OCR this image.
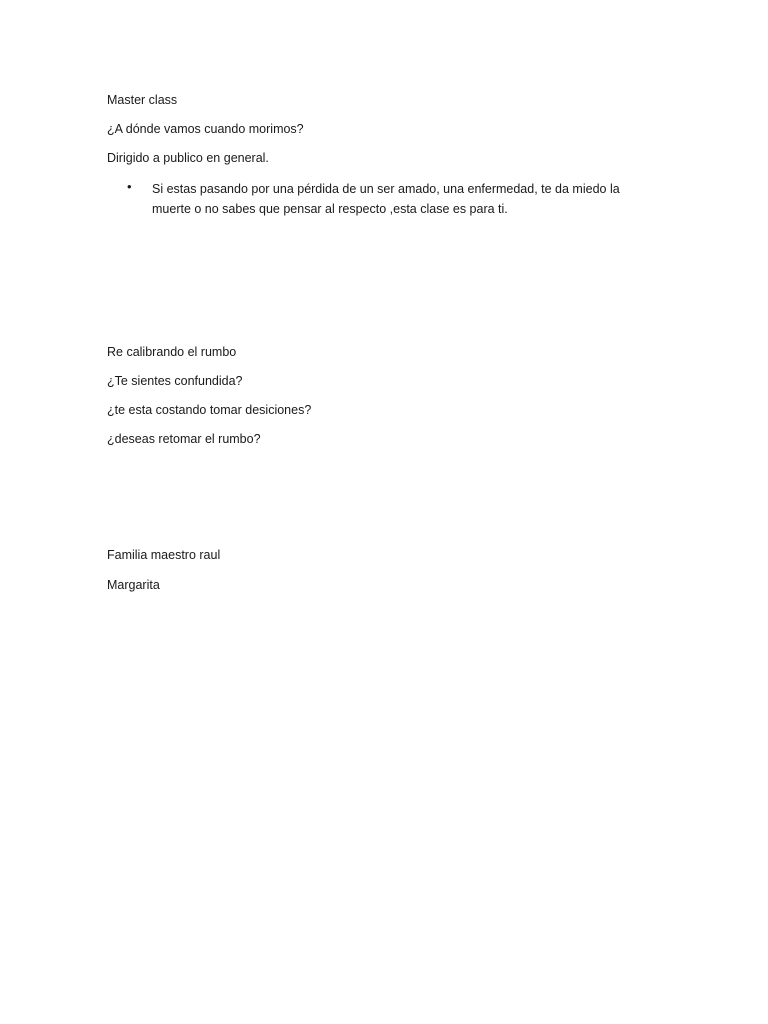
Master class
¿A dónde vamos cuando morimos?
Dirigido a publico en general.
• Si estas pasando por una pérdida de un ser amado, una enfermedad, te da miedo la muerte o no sabes que pensar al respecto ,esta clase es para ti.
Re calibrando el rumbo
¿Te sientes confundida?
¿te esta costando tomar desiciones?
¿deseas retomar el rumbo?
Familia maestro raul
Margarita
